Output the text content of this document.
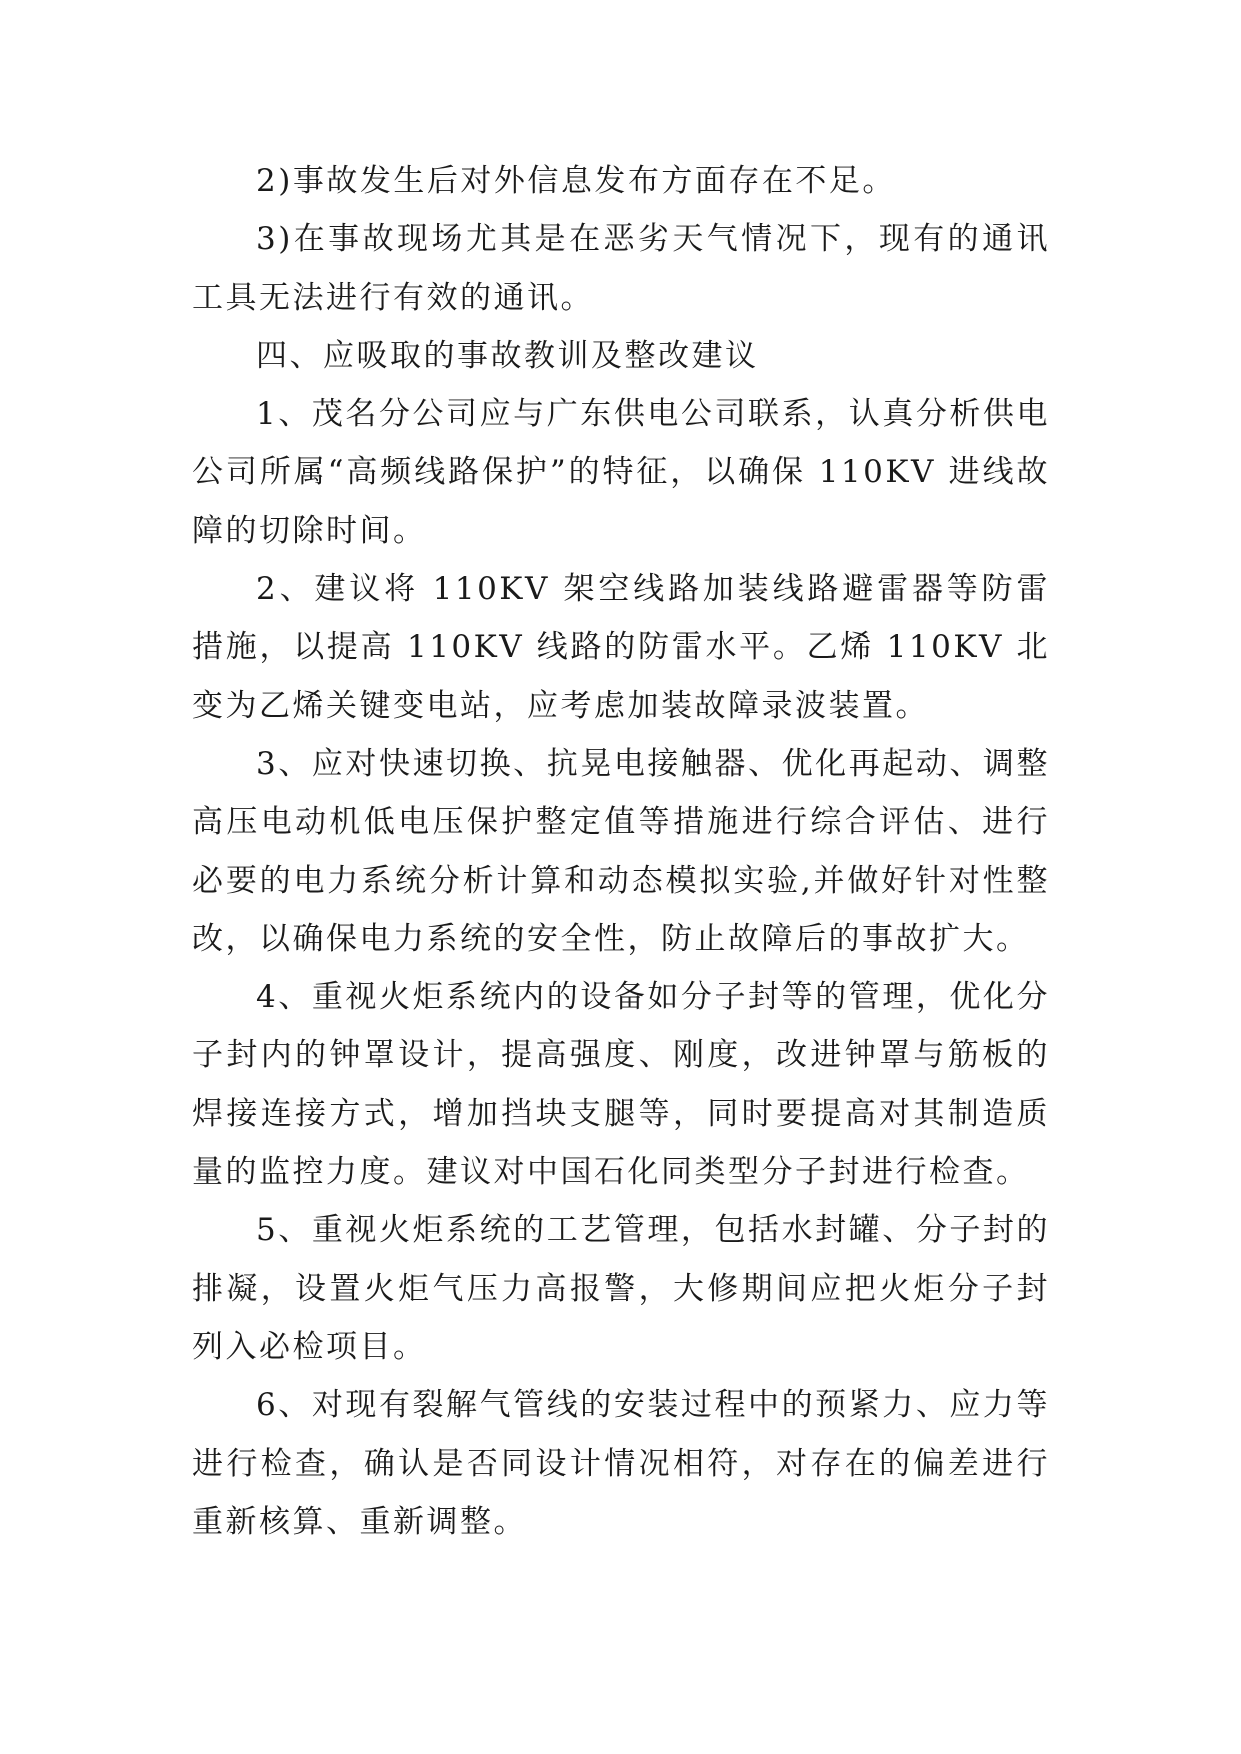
2)事故发生后对外信息发布方面存在不足。

3)在事故现场尤其是在恶劣天气情况下，现有的通讯工具无法进行有效的通讯。

四、应吸取的事故教训及整改建议

1、茂名分公司应与广东供电公司联系，认真分析供电公司所属“高频线路保护”的特征，以确保 110KV 进线故障的切除时间。

2、建议将 110KV 架空线路加装线路避雷器等防雷措施，以提高 110KV 线路的防雷水平。乙烯 110KV 北变为乙烯关键变电站，应考虑加装故障录波装置。

3、应对快速切换、抗晃电接触器、优化再起动、调整高压电动机低电压保护整定值等措施进行综合评估、进行必要的电力系统分析计算和动态模拟实验,并做好针对性整改，以确保电力系统的安全性，防止故障后的事故扩大。

4、重视火炬系统内的设备如分子封等的管理，优化分子封内的钟罩设计，提高强度、刚度，改进钟罩与筋板的焊接连接方式，增加挡块支腿等，同时要提高对其制造质量的监控力度。建议对中国石化同类型分子封进行检查。

5、重视火炬系统的工艺管理，包括水封罐、分子封的排凝，设置火炬气压力高报警，大修期间应把火炬分子封列入必检项目。

6、对现有裂解气管线的安装过程中的预紧力、应力等进行检查，确认是否同设计情况相符，对存在的偏差进行重新核算、重新调整。
